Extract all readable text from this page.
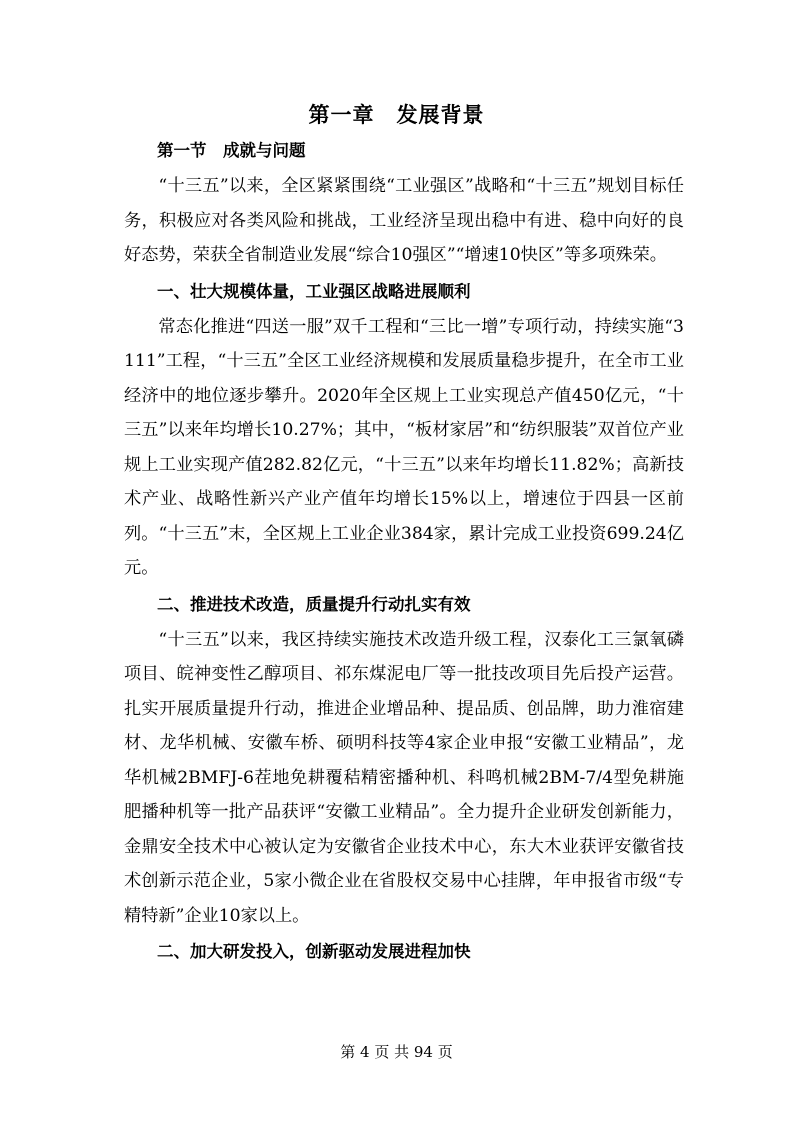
第一章　发展背景

第一节　成就与问题

“十三五”以来，全区紧紧围绕“工业强区”战略和“十三五”规划目标任务，积极应对各类风险和挑战，工业经济呈现出稳中有进、稳中向好的良好态势，荣获全省制造业发展“综合10强区”“增速10快区”等多项殊荣。

一、壮大规模体量，工业强区战略进展顺利

常态化推进“四送一服”双千工程和“三比一增”专项行动，持续实施“3111”工程，“十三五”全区工业经济规模和发展质量稳步提升，在全市工业经济中的地位逐步攀升。2020年全区规上工业实现总产值450亿元，“十三五”以来年均增长10.27%；其中，“板材家居”和“纺织服装”双首位产业规上工业实现产值282.82亿元，“十三五”以来年均增长11.82%；高新技术产业、战略性新兴产业产值年均增长15%以上，增速位于四县一区前列。“十三五”末，全区规上工业企业384家，累计完成工业投资699.24亿元。

二、推进技术改造，质量提升行动扎实有效

“十三五”以来，我区持续实施技术改造升级工程，汉泰化工三氯氧磷项目、皖神变性乙醇项目、祁东煤泥电厂等一批技改项目先后投产运营。扎实开展质量提升行动，推进企业增品种、提品质、创品牌，助力淮宿建材、龙华机械、安徽车桥、硕明科技等4家企业申报“安徽工业精品”，龙华机械2BMFJ-6茬地免耕覆秸精密播种机、科鸣机械2BM-7/4型免耕施肥播种机等一批产品获评“安徽工业精品”。全力提升企业研发创新能力，金鼎安全技术中心被认定为安徽省企业技术中心，东大木业获评安徽省技术创新示范企业，5家小微企业在省股权交易中心挂牌，年申报省市级“专精特新”企业10家以上。

二、加大研发投入，创新驱动发展进程加快

第 4 页 共 94 页
